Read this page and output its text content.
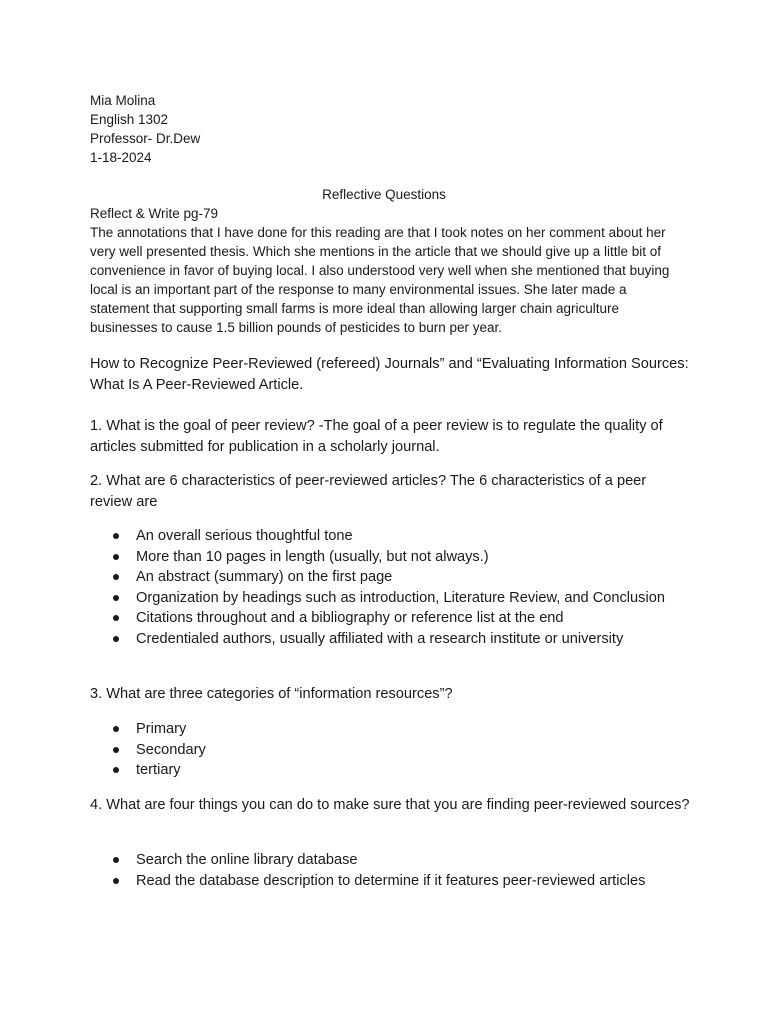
Mia Molina
English 1302
Professor- Dr.Dew
1-18-2024
Reflective Questions
Reflect & Write pg-79

The annotations that I have done for this reading are that I took notes on her comment about her very well presented thesis. Which she mentions in the article that we should give up a little bit of convenience in favor of buying local. I also understood very well when she mentioned that buying local is an important part of the response to many environmental issues. She later made a statement that supporting small farms is more ideal than allowing larger chain agriculture businesses to cause 1.5 billion pounds of pesticides to burn per year.

How to Recognize Peer-Reviewed (refereed) Journals” and “Evaluating Information Sources: What Is A Peer-Reviewed Article.

1. What is the goal of peer review? -The goal of a peer review is to regulate the quality of articles submitted for publication in a scholarly journal.

2. What are 6 characteristics of peer-reviewed articles? The 6 characteristics of a peer review are

An overall serious thoughtful tone
More than 10 pages in length (usually, but not always.)
An abstract (summary) on the first page
Organization by headings such as introduction, Literature Review, and Conclusion
Citations throughout and a bibliography or reference list at the end
Credentialed authors, usually affiliated with a research institute or university

3. What are three categories of “information resources”?

Primary
Secondary
tertiary

4. What are four things you can do to make sure that you are finding peer-reviewed sources?

Search the online library database
Read the database description to determine if it features peer-reviewed articles
